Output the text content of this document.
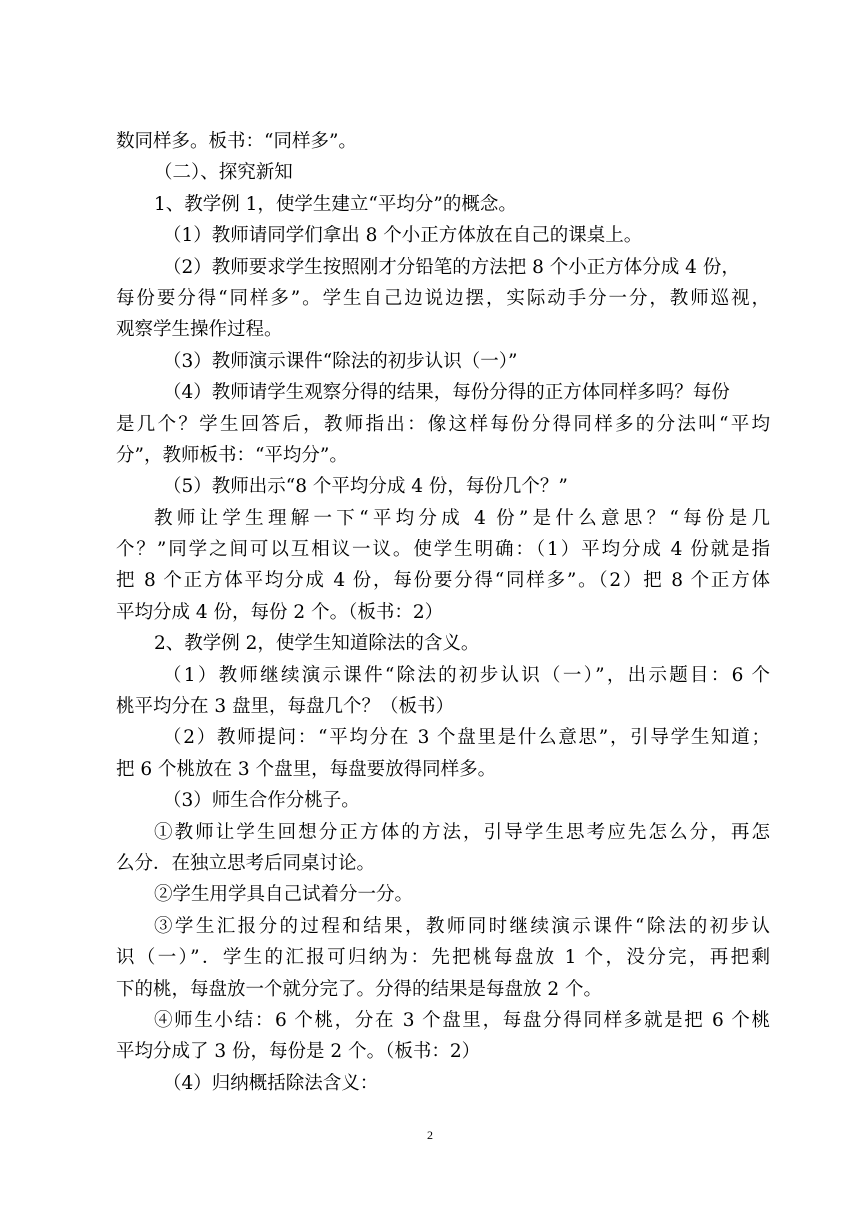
数同样多。板书：“同样多”。
（二）、探究新知
1、教学例 1，使学生建立“平均分”的概念。
（1）教师请同学们拿出 8 个小正方体放在自己的课桌上。
（2）教师要求学生按照刚才分铅笔的方法把 8 个小正方体分成 4 份，
每份要分得“同样多”。学生自己边说边摆，实际动手分一分，教师巡视，
观察学生操作过程。
（3）教师演示课件“除法的初步认识（一）”
（4）教师请学生观察分得的结果，每份分得的正方体同样多吗？每份
是几个？学生回答后，教师指出：像这样每份分得同样多的分法叫“平均
分”，教师板书：“平均分”。
（5）教师出示“8 个平均分成 4 份，每份几个？”
教师让学生理解一下“平均分成 4 份”是什么意思？“每份是几
个？”同学之间可以互相议一议。使学生明确：（1）平均分成 4 份就是指
把 8 个正方体平均分成 4 份，每份要分得“同样多”。（2）把 8 个正方体
平均分成 4 份，每份 2 个。（板书：2）
2、教学例 2，使学生知道除法的含义。
（1）教师继续演示课件“除法的初步认识（一）”，出示题目：6 个
桃平均分在 3 盘里，每盘几个？（板书）
（2）教师提问：“平均分在 3 个盘里是什么意思”，引导学生知道；
把 6 个桃放在 3 个盘里，每盘要放得同样多。
（3）师生合作分桃子。
①教师让学生回想分正方体的方法，引导学生思考应先怎么分，再怎
么分．在独立思考后同桌讨论。
②学生用学具自己试着分一分。
③学生汇报分的过程和结果，教师同时继续演示课件“除法的初步认
识（一）”．学生的汇报可归纳为：先把桃每盘放 1 个，没分完，再把剩
下的桃，每盘放一个就分完了。分得的结果是每盘放 2 个。
④师生小结：6 个桃，分在 3 个盘里，每盘分得同样多就是把 6 个桃
平均分成了 3 份，每份是 2 个。（板书：2）
（4）归纳概括除法含义：
2
